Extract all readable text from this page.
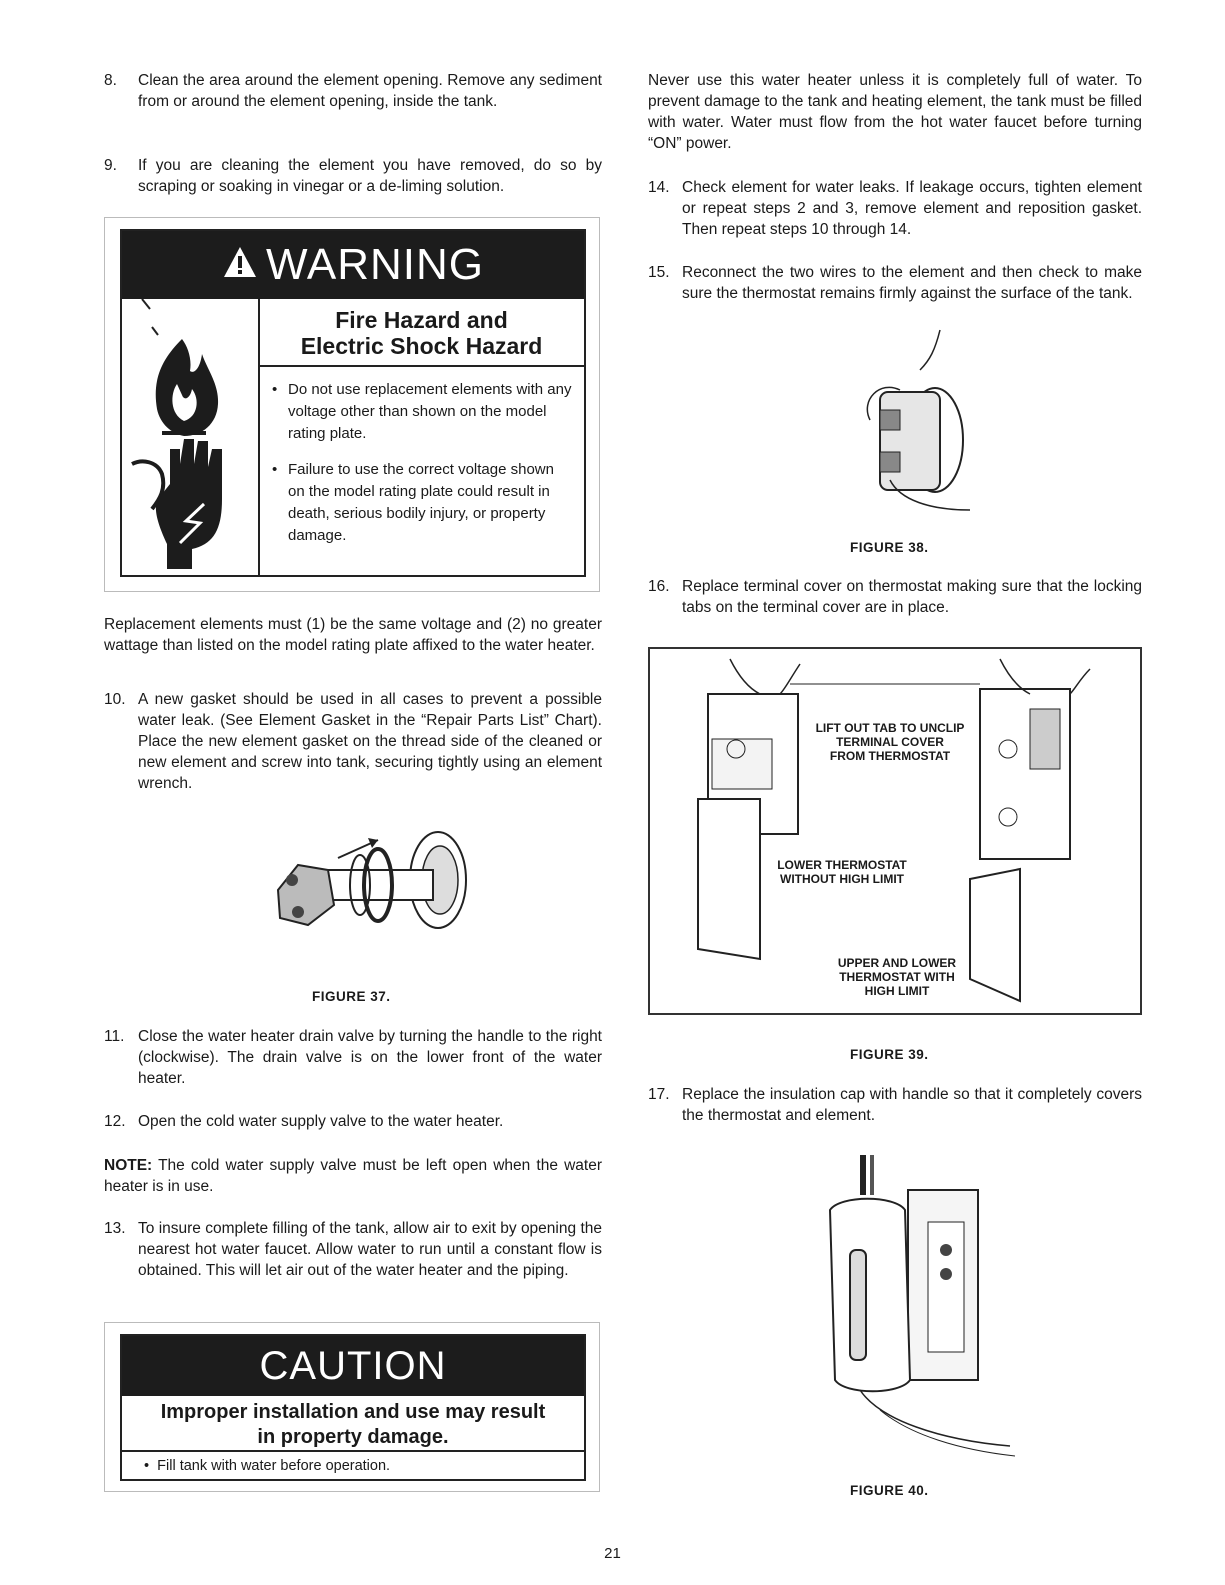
8. Clean the area around the element opening. Remove any sediment from or around the element opening, inside the tank.

9. If you are cleaning the element you have removed, do so by scraping or soaking in vinegar or a de-liming solution.

Replacement elements must (1) be the same voltage and (2) no greater wattage than listed on the model rating plate affixed to the water heater.

10. A new gasket should be used in all cases to prevent a possible water leak. (See Element Gasket in the “Repair Parts List” Chart). Place the new element gasket on the thread side of the cleaned or new element and screw into tank, securing tightly using an element wrench.

11. Close the water heater drain valve by turning the handle to the right (clockwise). The drain valve is on the lower front of the water heater.

12. Open the cold water supply valve to the water heater.

NOTE: The cold water supply valve must be left open when the water heater is in use.

13. To insure complete filling of the tank, allow air to exit by opening the nearest hot water faucet. Allow water to run until a constant flow is obtained. This will let air out of the water heater and the piping.

WARNING
Fire Hazard and
Electric Shock Hazard
• Do not use replacement elements with any voltage other than shown on the model rating plate.
• Failure to use the correct voltage shown on the model rating plate could result in death, serious bodily injury, or property damage.

FIGURE 37.

CAUTION
Improper installation and use may result
in property damage.
•  Fill tank with water before operation.

Never use this water heater unless it is completely full of water. To prevent damage to the tank and heating element, the tank must be filled with water. Water must flow from the hot water faucet before turning “ON” power.

14. Check element for water leaks. If leakage occurs, tighten element or repeat steps 2 and 3, remove element and reposition gasket. Then repeat steps 10 through 14.

15. Reconnect the two wires to the element and then check to make sure the thermostat remains firmly against the surface of the tank.

16. Replace terminal cover on thermostat making sure that the locking tabs on the terminal cover are in place.

17. Replace the insulation cap with handle so that it completely covers the thermostat and element.

FIGURE 38.

LIFT OUT TAB TO UNCLIP
TERMINAL COVER
FROM THERMOSTAT
LOWER THERMOSTAT
WITHOUT HIGH LIMIT
UPPER AND LOWER
THERMOSTAT WITH
HIGH LIMIT

FIGURE 39.

FIGURE 40.

21
